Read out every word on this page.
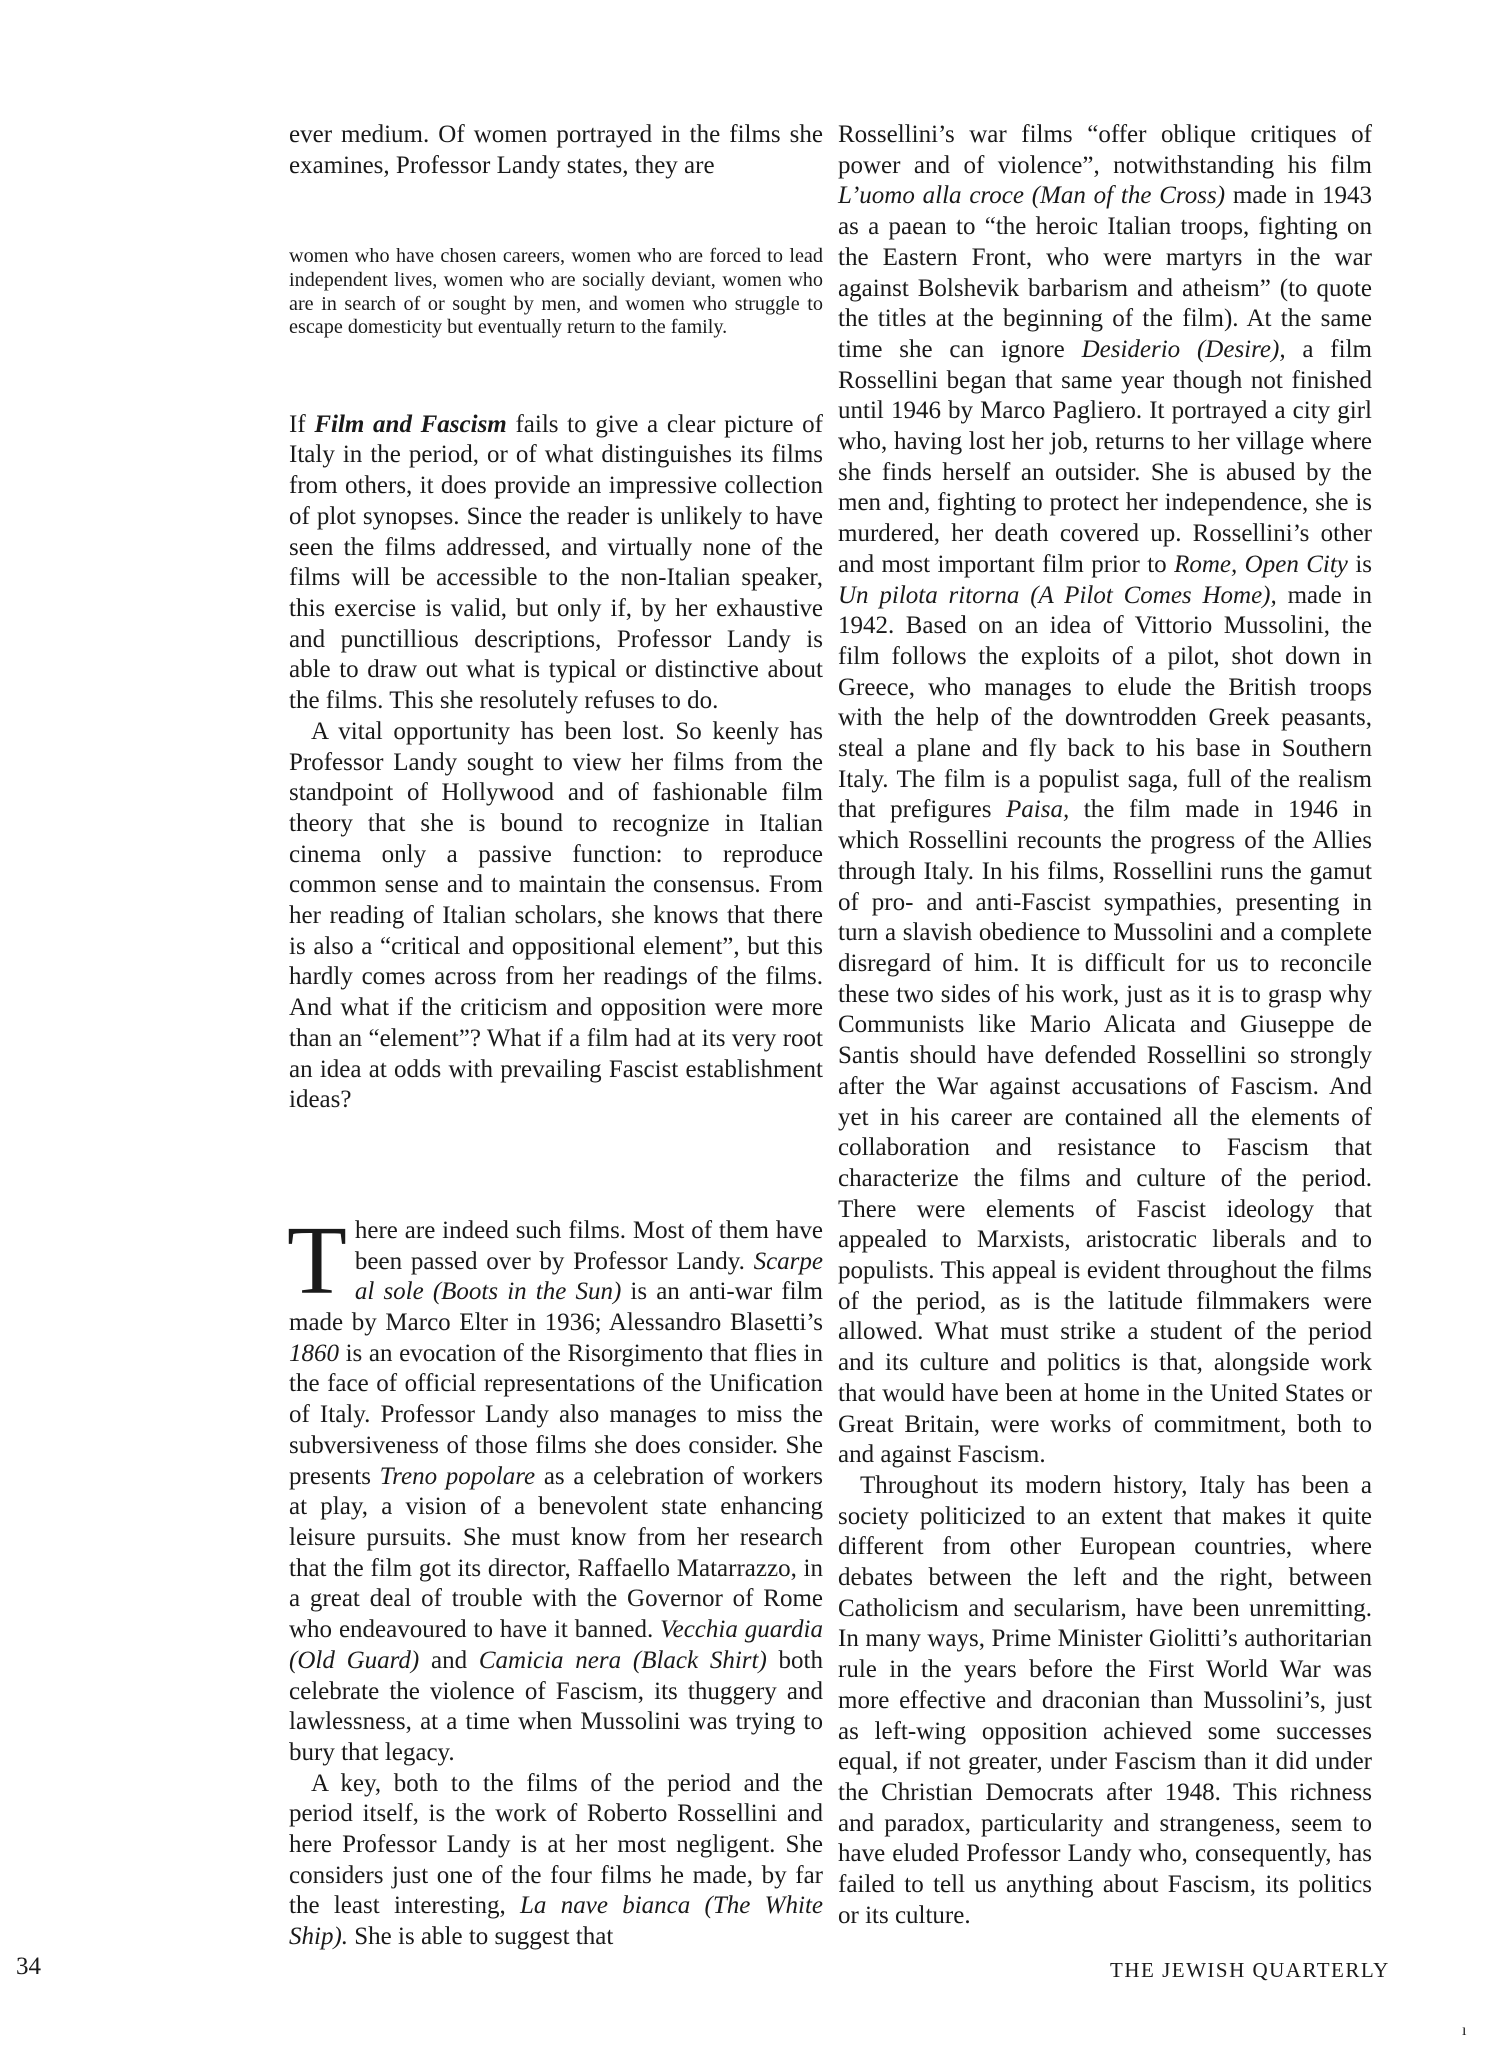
ever medium. Of women portrayed in the films she examines, Professor Landy states, they are

women who have chosen careers, women who are forced to lead independent lives, women who are socially deviant, women who are in search of or sought by men, and women who struggle to escape domesticity but eventually return to the family.

If Film and Fascism fails to give a clear picture of Italy in the period, or of what distinguishes its films from others, it does provide an impressive collection of plot synopses. Since the reader is unlikely to have seen the films addressed, and virtually none of the films will be accessible to the non-Italian speaker, this exercise is valid, but only if, by her exhaustive and punctillious descriptions, Professor Landy is able to draw out what is typical or distinctive about the films. This she resolutely refuses to do.

A vital opportunity has been lost. So keenly has Professor Landy sought to view her films from the standpoint of Hollywood and of fashionable film theory that she is bound to recognize in Italian cinema only a passive function: to reproduce common sense and to maintain the consensus. From her reading of Italian scholars, she knows that there is also a “critical and oppositional element”, but this hardly comes across from her readings of the films. And what if the criticism and opposition were more than an “element”? What if a film had at its very root an idea at odds with prevailing Fascist establishment ideas?

There are indeed such films. Most of them have been passed over by Professor Landy. Scarpe al sole (Boots in the Sun) is an anti-war film made by Marco Elter in 1936; Alessandro Blasetti’s 1860 is an evocation of the Risorgimento that flies in the face of official representations of the Unification of Italy. Professor Landy also manages to miss the subversiveness of those films she does consider. She presents Treno popolare as a celebration of workers at play, a vision of a benevolent state enhancing leisure pursuits. She must know from her research that the film got its director, Raffaello Matarrazzo, in a great deal of trouble with the Governor of Rome who endeavoured to have it banned. Vecchia guardia (Old Guard) and Camicia nera (Black Shirt) both celebrate the violence of Fascism, its thuggery and lawlessness, at a time when Mussolini was trying to bury that legacy.

A key, both to the films of the period and the period itself, is the work of Roberto Rossellini and here Professor Landy is at her most negligent. She considers just one of the four films he made, by far the least interesting, La nave bianca (The White Ship). She is able to suggest that

Rossellini’s war films “offer oblique critiques of power and of violence”, notwithstanding his film L’uomo alla croce (Man of the Cross) made in 1943 as a paean to “the heroic Italian troops, fighting on the Eastern Front, who were martyrs in the war against Bolshevik barbarism and atheism” (to quote the titles at the beginning of the film). At the same time she can ignore Desiderio (Desire), a film Rossellini began that same year though not finished until 1946 by Marco Pagliero. It portrayed a city girl who, having lost her job, returns to her village where she finds herself an outsider. She is abused by the men and, fighting to protect her independence, she is murdered, her death covered up. Rossellini’s other and most important film prior to Rome, Open City is Un pilota ritorna (A Pilot Comes Home), made in 1942. Based on an idea of Vittorio Mussolini, the film follows the exploits of a pilot, shot down in Greece, who manages to elude the British troops with the help of the downtrodden Greek peasants, steal a plane and fly back to his base in Southern Italy. The film is a populist saga, full of the realism that prefigures Paisa, the film made in 1946 in which Rossellini recounts the progress of the Allies through Italy. In his films, Rossellini runs the gamut of pro- and anti-Fascist sympathies, presenting in turn a slavish obedience to Mussolini and a complete disregard of him. It is difficult for us to reconcile these two sides of his work, just as it is to grasp why Communists like Mario Alicata and Giuseppe de Santis should have defended Rossellini so strongly after the War against accusations of Fascism. And yet in his career are contained all the elements of collaboration and resistance to Fascism that characterize the films and culture of the period. There were elements of Fascist ideology that appealed to Marxists, aristocratic liberals and to populists. This appeal is evident throughout the films of the period, as is the latitude filmmakers were allowed. What must strike a student of the period and its culture and politics is that, alongside work that would have been at home in the United States or Great Britain, were works of commitment, both to and against Fascism.

Throughout its modern history, Italy has been a society politicized to an extent that makes it quite different from other European countries, where debates between the left and the right, between Catholicism and secularism, have been unremitting. In many ways, Prime Minister Giolitti’s authoritarian rule in the years before the First World War was more effective and draconian than Mussolini’s, just as left-wing opposition achieved some successes equal, if not greater, under Fascism than it did under the Christian Democrats after 1948. This richness and paradox, particularity and strangeness, seem to have eluded Professor Landy who, consequently, has failed to tell us anything about Fascism, its politics or its culture.

34	THE JEWISH QUARTERLY
ı
